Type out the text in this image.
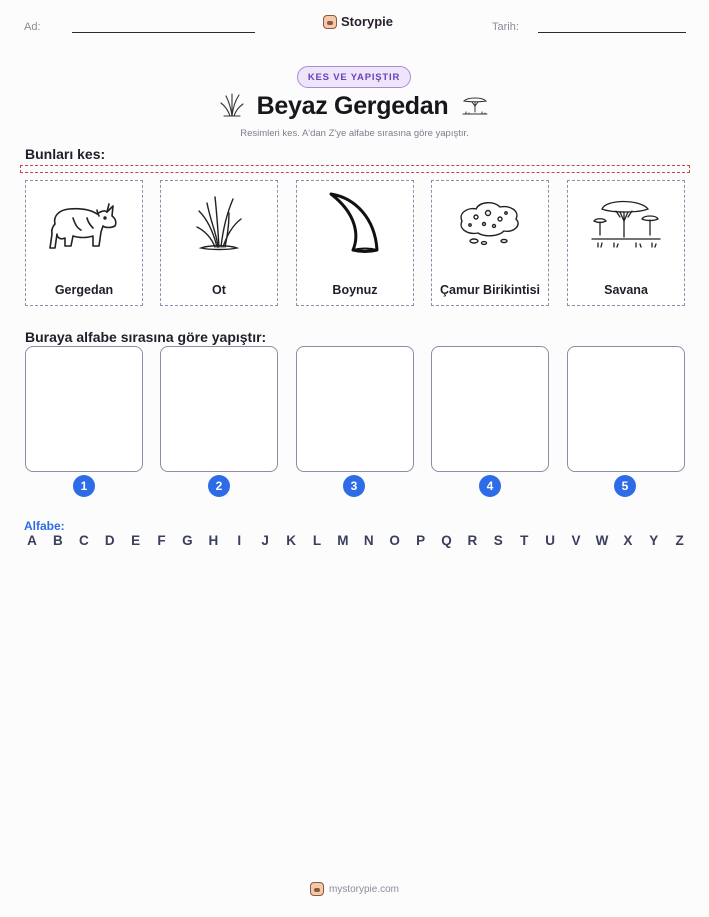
Ad:	Storypie	Tarih:
KES VE YAPIŞTIR
Beyaz Gergedan
Resimleri kes. A'dan Z'ye alfabe sırasına göre yapıştır.
Bunları kes:
Gergedan	Ot	Boynuz	Çamur Birikintisi	Savana
Buraya alfabe sırasına göre yapıştır:
1	2	3	4	5
Alfabe:
A B C D E F G H	I	J	K L M N O P Q R S T U V W X Y Z
mystorypie.com
